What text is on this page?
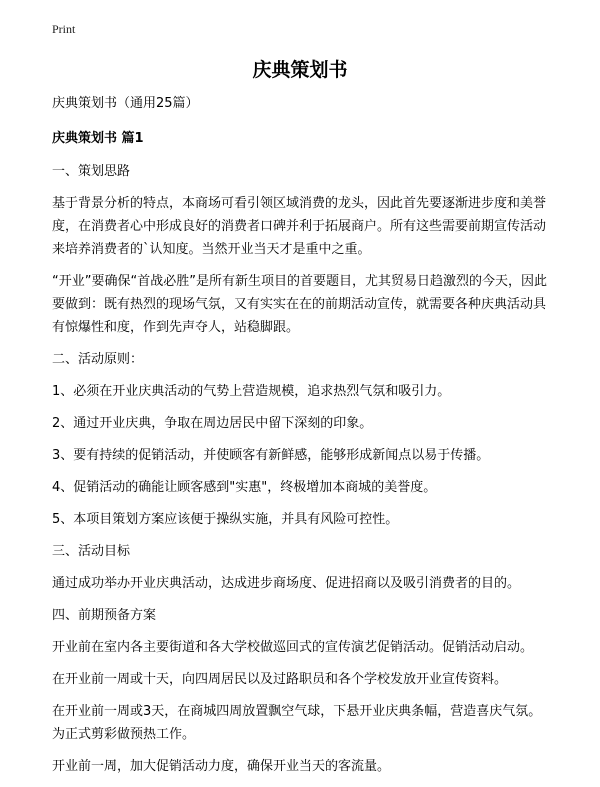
Print
庆典策划书

庆典策划书（通用25篇）

庆典策划书 篇1

一、策划思路

基于背景分析的特点，本商场可看引领区域消费的龙头，因此首先要逐渐进步度和美誉度，在消费者心中形成良好的消费者口碑并利于拓展商户。所有这些需要前期宣传活动来培养消费者的`认知度。当然开业当天才是重中之重。

“开业”要确保“首战必胜”是所有新生项目的首要题目，尤其贸易日趋激烈的今天，因此要做到：既有热烈的现场气氛，又有实实在在的前期活动宣传，就需要各种庆典活动具有惊爆性和度，作到先声夺人，站稳脚跟。

二、活动原则：

1、必须在开业庆典活动的气势上营造规模，追求热烈气氛和吸引力。

2、通过开业庆典，争取在周边居民中留下深刻的印象。

3、要有持续的促销活动，并使顾客有新鲜感，能够形成新闻点以易于传播。

4、促销活动的确能让顾客感到"实惠"，终极增加本商城的美誉度。

5、本项目策划方案应该便于操纵实施，并具有风险可控性。

三、活动目标

通过成功举办开业庆典活动，达成进步商场度、促进招商以及吸引消费者的目的。

四、前期预备方案

开业前在室内各主要街道和各大学校做巡回式的宣传演艺促销活动。促销活动启动。

在开业前一周或十天，向四周居民以及过路职员和各个学校发放开业宣传资料。

在开业前一周或3天，在商城四周放置飘空气球，下悬开业庆典条幅，营造喜庆气氛。为正式剪彩做预热工作。

开业前一周，加大促销活动力度，确保开业当天的客流量。
